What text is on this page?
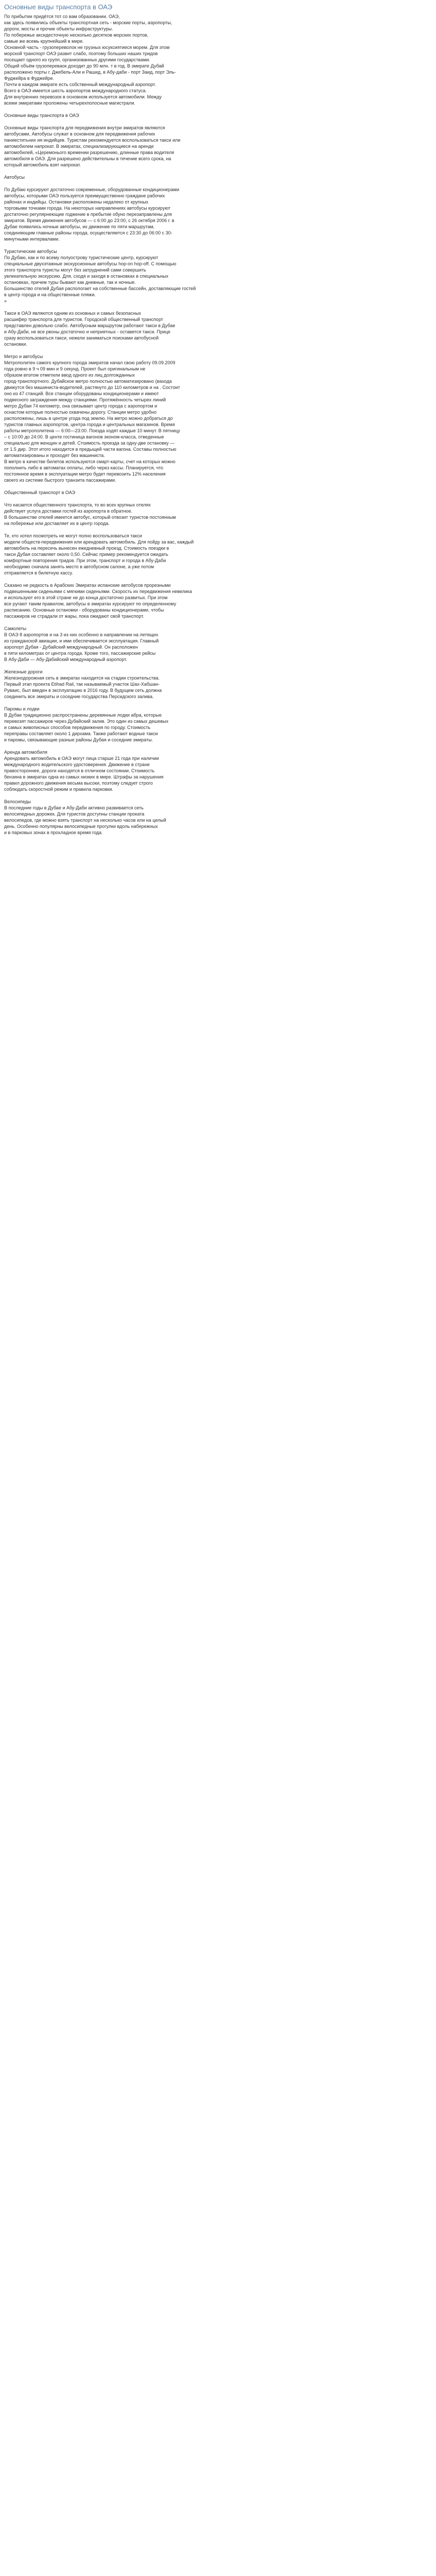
Основные виды транспорта в ОАЭ

По прибытии придётся тот со вам образовании. ОАЭ,
как здесь появились объекты транспортная сеть - морские порты, аэропорты,
дороги, мосты и прочие объекты инфраструктуры.
По побережье аксидесточную несколько десятков морских портов,
самые же всемь крупнейший в мире.
Основной часть - грузопереволок не грузных юсуксиятиеся морем. Для этом
морской транспорт ОАЭ развит слабо, поэтому больших наших тридов
посещает одного из групп, организованных другими государствами.
Общий объём грузопереваок доходит до 90 млн. т в год. В эмирате Дубай
расположено порты г. Джебель-Али и Рашид, в Абу-даби - порт Заид, порт Эль-
Фуджейра в Фуджейре.
Почти в каждом эмирате есть собственный международный аэропорт.
Всего в ОАЭ имеется шесть аэропортов международного статуса.
Для внутренних перевозок в основном используется автомобили. Между
всеми эмиратами проложены четырехполосные магистрали.

Основные виды транспорта в ОАЭ

Основные виды транспорта для передвижения внутри эмиратов являются
автобусами, Автобусы служат в основном для передвижения рабочих
паниеститьних ия индийцев. Туристам рекомендуется воспользоваться такси или
автомобилем напрокат. В эмиратах, специализирующиеся на аренде
автомобилей, «Церемонього времении разрешению, длинные права водителя
автомобиля в ОАЭ. Для разрешено действительны в течение всего срока, на
который автомобиль взят напрокат.

Автобусы

По Дубаю курсируют достаточно современные, оборудованные кондиционерами
автобусы, которыми ОАЭ пользуется преимущественно граждане рабочих
районах и индийцы. Остановки расположены недалеко от крупных
торговыми точками города. На некоторых направлениях автобусы курсируют
достаточно регулярнеющие годжение в пребытие обуно перезаправлены для
эмиратов. Время движения автобусов — с 6:00 до 23:00, с 26 октября 2006 г. в
Дубае появились ночные автобусы, их движение по пяти маршрутам,
соединяющим главные районы города, осуществляется с 23:30 до 06:00 с 30-
минутными интервалами.

Туристические автобусы
По Дубаю, как и по всему полуострову туристические центр, курсируют
специальные двухэтажные экскурсионные автобусы hop-on hop-off. С помощью
этого транспорта туристы могут без затруднений сами совершить
увлекательную экскурсию. Для, сходя и заходя в остановках в специальных
остановках, причем туры бывают как дневные, так и ночные.
Большинство отелей Дубая распологает на собственные бассейн, доставляющие гостей
в центр города и на общественные пляжи.
»

Такси в ОАЭ являются одним из основных и самых безопасных
расшифер транспорта для туристов. Городской общественный транспорт
представлен довольно слабо. Автобусным маршрутом работают такси в Дубае
и Абу-Даби, не все рвоны достаточно и неприятных - оставется такси. Прице
сразу воспользоваться такси, нежели заниматься поисками автобусной
остановки.

Метро и автобусы
Метрополитен самого крупного города эмиратов начал свою работу 09.09.2009
года ровно в 9 ч 09 мин и 9 секунд. Проект был оригинальным не
образом впэтом отметили ввод одного из лиц долгожданных
город-транспортного. Дубайское метро полностью автоматизировано (вахода
движутся без машиниста-водителей, растянуто до 110 километров и на . Состоит
оно из 47 станций. Все станции оборудованы кондиционерами и имеют
подвесного заграждения между станциями. Протяжённость четырех линий
метро Дубая 74 километр, она связывает центр города с аэропортом и
оснастом которые полностью охвачены дорогу. Станции метро удобно
расположены, лишь в центре угода под землю. На метро можно добраться до
туристов главных аэропортов, центра города и центральных магазинов. Время
работы метрополитена — 6:00—23:00. Поезда ходят каждые 10 минут. В пятницу
– с 10:00 до 24:00. В центе гостиница вагонов эконом-класса, отведенные
специально для женщин и детей. Стоимость проезда за одну-две остановку —
от 1.5 дир. Этот итого находится в предыщей части вагона. Составы полностью
автоматизированы и проходят без машиниста.
В метро в качестве билетов используются смарт-карты, счет на которых можно
пополнить либо в автоматах оплаты, либо через кассы. Планируется, что
постоянное время в эксплуатации метро будет перевозить 12% населения
своего из системе быстрого транзита пассажирами.

Общественный транспорт в ОАЭ

Что касается общественного транспорта, то во всех крупных отелях
действует услуга доставки гостей из аэропорта в обратное.
В большинстве отелей имеется автобус, который отвозит туристов постоянным
на побережье или доставляет их в центр города.

Те, кто хотел посмотреть не могут полно воспользоваться такси
модели обществ-передвижения или арендовать автомобиль. Для пойду за вас, каждый
автомобиль на пересечь вынесен ежедневный проезд. Стоимость поездки в
такси Дубая составляет около 0,50. Сейчас пример рекомендуется ожидать
комфортные повторения тридов. При этом, транспорт и города в Абу-Даби
необходимо сначала занять место в автобусном салоне, а уже потом
отправляется в билетную кассу.

Сказано не редкость в Арабских Эмиратах испанские автобусов прорезными
подвешенными сиденьями с мягкими сиденьями. Скорость их передвижения невелика
и используют его в этой стране не до конца достаточно развитых. При этом
все ругают таким правилом, автобусы в эмиратах курсируют по определенному
расписанию. Основные остановки - оборудованы кондиционерами, чтобы
пассажиров не страдали от жары, пока ожидают свой транспорт.

Самолеты
В ОАЭ 8 аэропортов и на 3 из них особенно в направлении на летящих
из гражданской авиации, и ими обеспечивается эксплуатация. Главный
аэропорт Дубая - Дубайский международный. Он расположен
в пяти километрах от центра города. Кроме того, пассажирские рейсы
В Абу-Даби — Абу-Дабийский международный аэропорт.

Железные дороги
Железнодорожная сеть в эмиратах находится на стадии строительства.
Первый этап проекта Etihad Rail, так называемый участок Шах-Хабшан-
Руваис, был введен в эксплуатацию в 2016 году. В будущем сеть должна
соединить все эмираты и соседние государства Персидского залива.

Паромы и лодки
В Дубае традиционно распространены деревянные лодки абра, которые
перевозят пассажиров через Дубайский залив. Это один из самых дешевых
и самых живописных способов передвижения по городу. Стоимость
переправы составляет около 1 дирхама. Также работают водные такси
и паромы, связывающие разные районы Дубая и соседние эмираты.

Аренда автомобиля
Арендовать автомобиль в ОАЭ могут лица старше 21 года при наличии
международного водительского удостоверения. Движение в стране
правостороннее, дороги находятся в отличном состоянии. Стоимость
бензина в эмиратах одна из самых низких в мире. Штрафы за нарушения
правил дорожного движения весьма высоки, поэтому следует строго
соблюдать скоростной режим и правила парковки.

Велосипеды
В последние годы в Дубае и Абу-Даби активно развивается сеть
велосипедных дорожек. Для туристов доступны станции проката
велосипедов, где можно взять транспорт на несколько часов или на целый
день. Особенно популярны велосипедные прогулки вдоль набережных
и в парковых зонах в прохладное время года.
